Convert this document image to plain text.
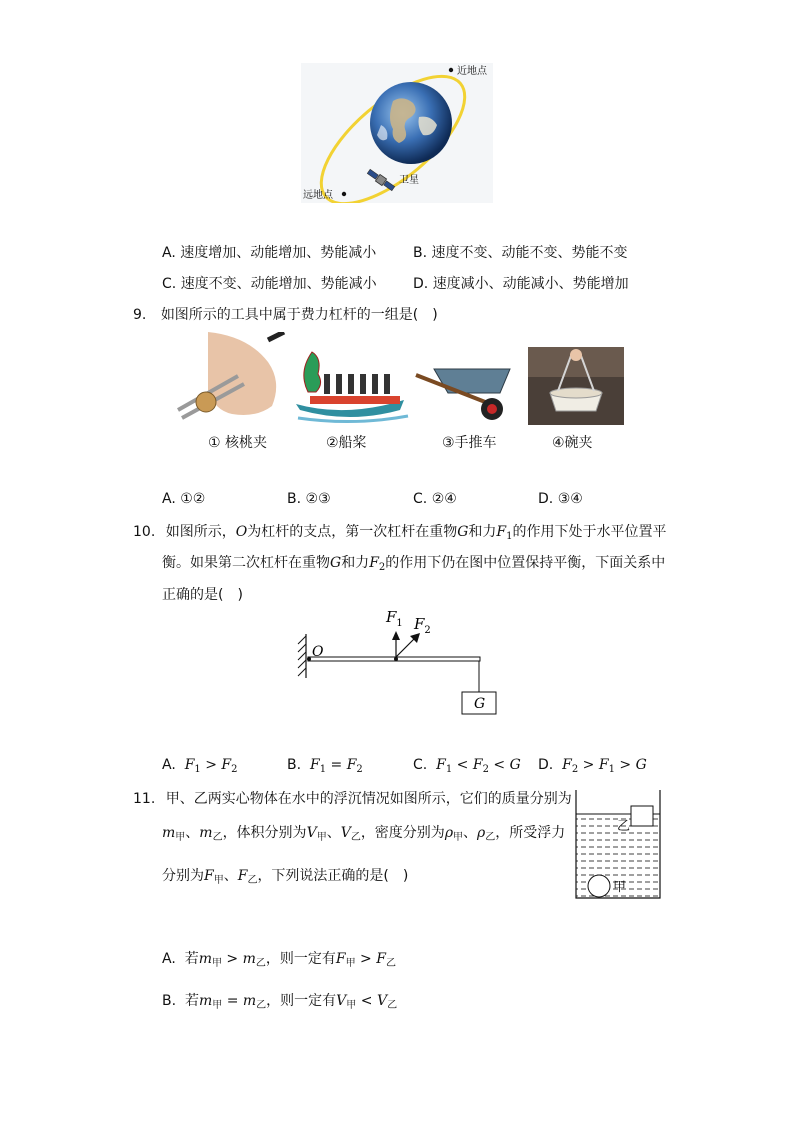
近地点
远地点
卫星
A. 速度增加、动能增加、势能减小	B. 速度不变、动能不变、势能不变
C. 速度不变、动能增加、势能减小	D. 速度减小、动能减小、势能增加
9. 如图所示的工具中属于费力杠杆的一组是(　)
① 核桃夹	②船桨	③手推车	④碗夹
A. ①②	B. ②③	C. ②④	D. ③④
10. 如图所示，O为杠杆的支点，第一次杠杆在重物G和力$F_1$的作用下处于水平位置平
衡。如果第二次杠杆在重物G和力$F_2$的作用下仍在图中位置保持平衡，下面关系中
正确的是(　)
O
$F_1$ $F_2$
G
A. $F_1 > F_2$	B. $F_1 = F_2$	C. $F_1 < F_2 < G$ D. $F_2 > F_1 > G$
11. 甲、乙两实心物体在水中的浮沉情况如图所示，它们的质量分别为
$m_甲$、$m_乙$，体积分别为$V_甲$、$V_乙$，密度分别为$\rho_甲$、$\rho_乙$，所受浮力
分别为$F_甲$、$F_乙$，下列说法正确的是(　)
乙
甲
A. 若$m_甲 > m_乙$，则一定有$F_甲 > F_乙$
B. 若$m_甲 = m_乙$，则一定有$V_甲 < V_乙$
